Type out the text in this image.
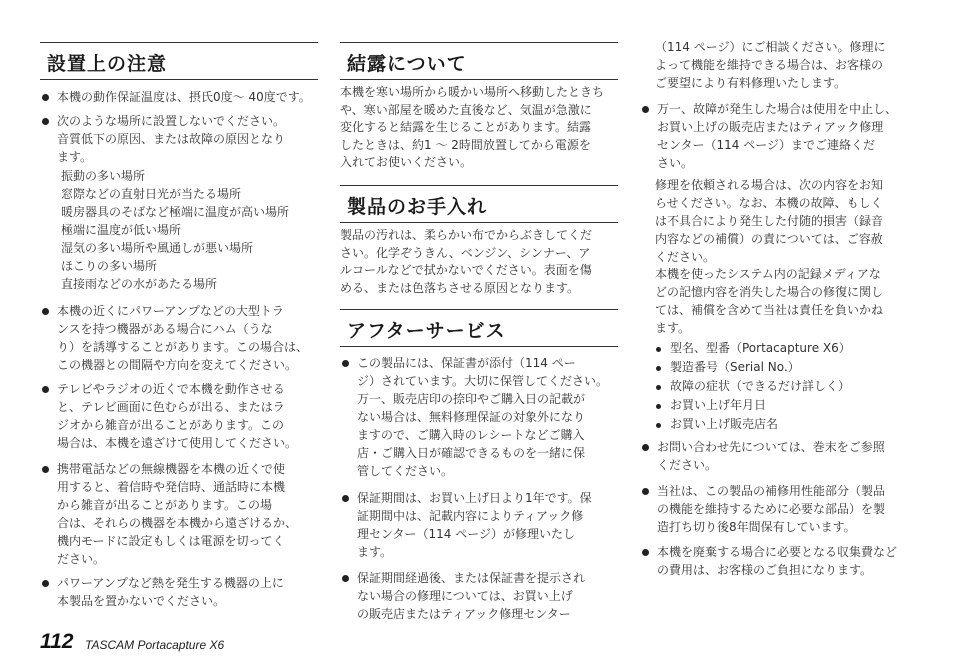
設置上の注意
本機の動作保証温度は、摂氏0度〜 40度です。
次のような場所に設置しないでください。
音質低下の原因、または故障の原因となり
ます。
振動の多い場所
窓際などの直射日光が当たる場所
暖房器具のそばなど極端に温度が高い場所
極端に温度が低い場所
湿気の多い場所や風通しが悪い場所
ほこりの多い場所
直接雨などの水があたる場所
本機の近くにパワーアンプなどの大型トラ
ンスを持つ機器がある場合にハム（うな
り）を誘導することがあります。この場合は、
この機器との間隔や方向を変えてください。
テレビやラジオの近くで本機を動作させる
と、テレビ画面に色むらが出る、またはラ
ジオから雑音が出ることがあります。この
場合は、本機を遠ざけて使用してください。
携帯電話などの無線機器を本機の近くで使
用すると、着信時や発信時、通話時に本機
から雑音が出ることがあります。この場
合は、それらの機器を本機から遠ざけるか、
機内モードに設定もしくは電源を切ってく
ださい。
パワーアンプなど熱を発生する機器の上に
本製品を置かないでください。
結露について
本機を寒い場所から暖かい場所へ移動したときち
や、寒い部屋を暖めた直後など、気温が急激に
変化すると結露を生じることがあります。結露
したときは、約1 〜 2時間放置してから電源を
入れてお使いください。
製品のお手入れ
製品の汚れは、柔らかい布でからぶきしてくだ
さい。化学ぞうきん、ベンジン、シンナー、ア
ルコールなどで拭かないでください。表面を傷
める、または色落ちさせる原因となります。
アフターサービス
この製品には、保証書が添付（114 ペー
ジ）されています。大切に保管してください。
万一、販売店印の捺印やご購入日の記載が
ない場合は、無料修理保証の対象外になり
ますので、ご購入時のレシートなどご購入
店・ご購入日が確認できるものを一緒に保
管してください。
保証期間は、お買い上げ日より1年です。保
証期間中は、記載内容によりティアック修
理センター（114 ページ）が修理いたし
ます。
保証期間経過後、または保証書を提示され
ない場合の修理については、お買い上げ
の販売店またはティアック修理センター
（114 ページ）にご相談ください。修理に
よって機能を維持できる場合は、お客様の
ご要望により有料修理いたします。
万一、故障が発生した場合は使用を中止し、
お買い上げの販売店またはティアック修理
センター（114 ページ）までご連絡くだ
さい。
修理を依頼される場合は、次の内容をお知
らせください。なお、本機の故障、もしく
は不具合により発生した付随的損害（録音
内容などの補償）の責については、ご容赦
ください。
本機を使ったシステム内の記録メディアな
どの記憶内容を消失した場合の修復に関し
ては、補償を含めて当社は責任を負いかね
ます。
型名、型番（Portacapture X6）
製造番号（Serial No.）
故障の症状（できるだけ詳しく）
お買い上げ年月日
お買い上げ販売店名
お問い合わせ先については、巻末をご参照
ください。
当社は、この製品の補修用性能部分（製品
の機能を維持するために必要な部品）を製
造打ち切り後8年間保有しています。
本機を廃棄する場合に必要となる収集費など
の費用は、お客様のご負担になります。
112 TASCAM Portacapture X6
